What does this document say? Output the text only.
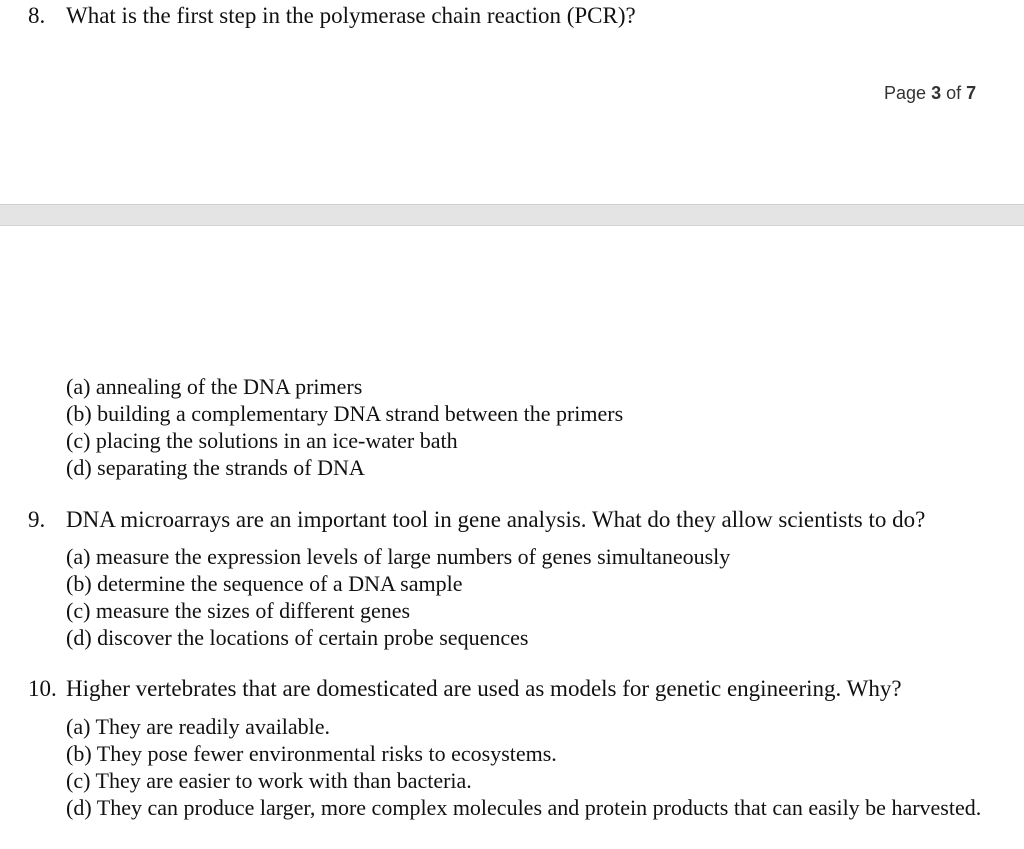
8. What is the first step in the polymerase chain reaction (PCR)?
Page 3 of 7
(a) annealing of the DNA primers
(b) building a complementary DNA strand between the primers
(c) placing the solutions in an ice-water bath
(d) separating the strands of DNA
9. DNA microarrays are an important tool in gene analysis. What do they allow scientists to do?
(a) measure the expression levels of large numbers of genes simultaneously
(b) determine the sequence of a DNA sample
(c) measure the sizes of different genes
(d) discover the locations of certain probe sequences
10. Higher vertebrates that are domesticated are used as models for genetic engineering. Why?
(a) They are readily available.
(b) They pose fewer environmental risks to ecosystems.
(c) They are easier to work with than bacteria.
(d) They can produce larger, more complex molecules and protein products that can easily be harvested.
